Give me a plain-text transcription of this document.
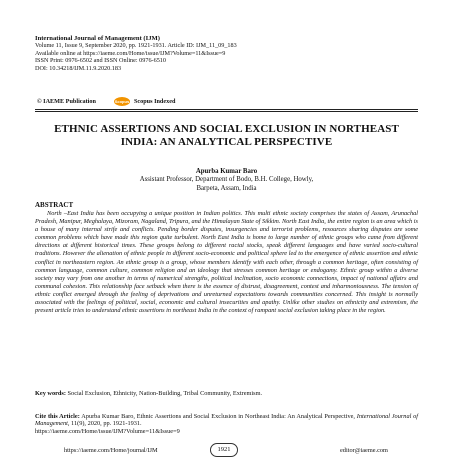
International Journal of Management (IJM)
Volume 11, Issue 9, September 2020, pp. 1921-1931. Article ID: IJM_11_09_183
Available online at https://iaeme.com/Home/issue/IJM?Volume=11&Issue=9
ISSN Print: 0976-6502 and ISSN Online: 0976-6510
DOI: 10.34218/IJM.11.9.2020.183
© IAEME Publication	Scopus Scopus Indexed
ETHNIC ASSERTIONS AND SOCIAL EXCLUSION IN NORTHEAST INDIA: AN ANALYTICAL PERSPECTIVE
Apurba Kumar Baro
Assistant Professor, Department of Bodo, B.H. College, Howly,
Barpeta, Assam, India
ABSTRACT
North –East India has been occupying a unique position in Indian politics. This multi ethnic society comprises the states of Assam, Arunachal Pradesh, Manipur, Meghalaya, Mizoram, Nagaland, Tripura, and the Himalayan State of Sikkim. North East India, the entire region is an area which is a house of many internal strife and conflicts. Pending border disputes, insurgencies and terrorist problems, resources sharing disputes are some common problems which have made this region quite turbulent. North East India is home to large number of ethnic groups who came from different directions at different historical times. These groups belong to different racial stocks, speak different languages and have varied socio-cultural traditions. However the alienation of ethnic people in different socio-economic and political sphere led to the emergence of ethnic assertion and ethnic conflict in northeastern region. An ethnic group is a group, whose members identify with each other, through a common heritage, often consisting of common language, common culture, common religion and an ideology that stresses common heritage or endogamy. Ethnic group within a diverse society may vary from one another in terms of numerical strengths, political inclination, socio economic connections, impact of national affairs and communal cohesion. This relationship face setback when there is the essence of distrust, disagreement, contest and inharmoniousness. The tension of ethnic conflict emerged through the feeling of deprivations and unreturned expectations towards communities concerned. This insight is normally associated with the feelings of political, social, economic and cultural insecurities and apathy. Unlike other studies on ethnicity and extremism, the present article tries to understand ethnic assertions in northeast India in the context of rampant social exclusion taking place in the region.
Key words: Social Exclusion, Ethnicity, Nation-Building, Tribal Community, Extremism.
Cite this Article: Apurba Kumar Baro, Ethnic Assertions and Social Exclusion in Northeast India: An Analytical Perspective, International Journal of Management, 11(9), 2020, pp. 1921-1931.
https://iaeme.com/Home/issue/IJM?Volume=11&Issue=9
https://iaeme.com/Home/journal/IJM	1921	editor@iaeme.com
